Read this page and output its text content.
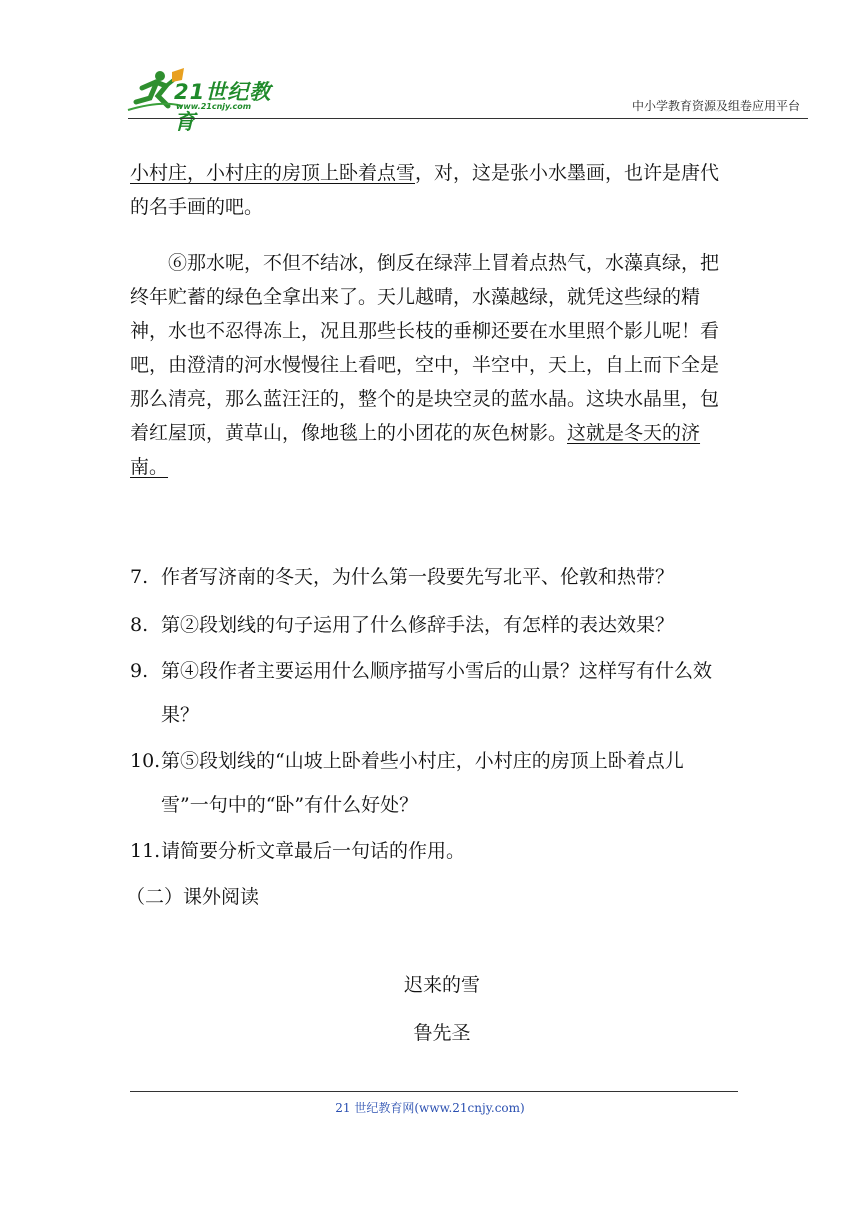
21世纪教育
www.21cnjy.com	中小学教育资源及组卷应用平台

小村庄，小村庄的房顶上卧着点雪，对，这是张小水墨画，也许是唐代的名手画的吧。

⑥那水呢，不但不结冰，倒反在绿萍上冒着点热气，水藻真绿，把终年贮蓄的绿色全拿出来了。天儿越晴，水藻越绿，就凭这些绿的精神，水也不忍得冻上，况且那些长枝的垂柳还要在水里照个影儿呢！看吧，由澄清的河水慢慢往上看吧，空中，半空中，天上，自上而下全是那么清亮，那么蓝汪汪的，整个的是块空灵的蓝水晶。这块水晶里，包着红屋顶，黄草山，像地毯上的小团花的灰色树影。这就是冬天的济南。

7. 作者写济南的冬天，为什么第一段要先写北平、伦敦和热带？
8. 第②段划线的句子运用了什么修辞手法，有怎样的表达效果？
9. 第④段作者主要运用什么顺序描写小雪后的山景？这样写有什么效果？
10. 第⑤段划线的“山坡上卧着些小村庄，小村庄的房顶上卧着点儿雪”一句中的“卧”有什么好处？
11.请简要分析文章最后一句话的作用。
（二）课外阅读
迟来的雪
鲁先圣
21 世纪教育网(www.21cnjy.com)
